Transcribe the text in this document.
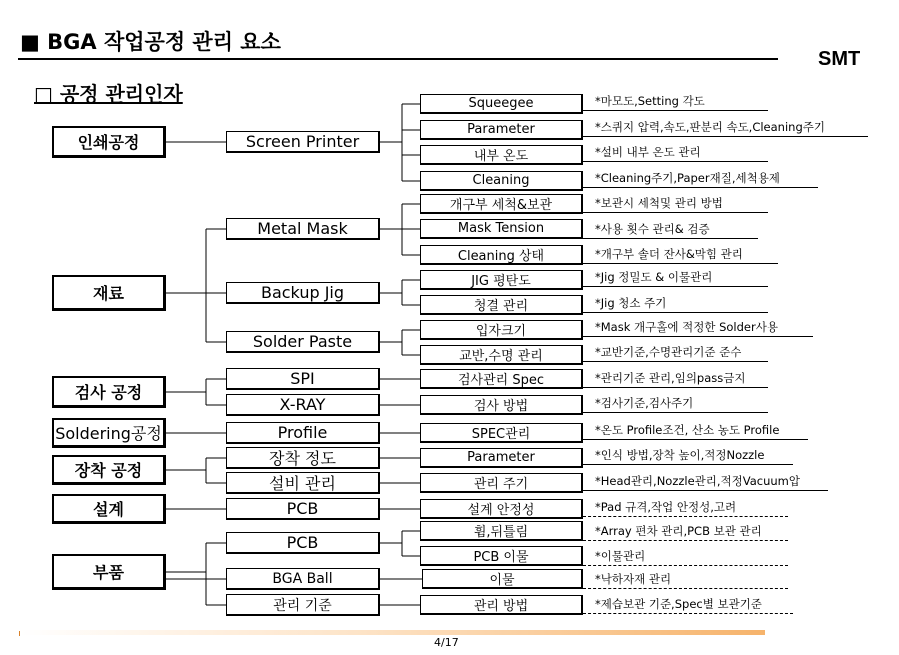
■ BGA 작업공정 관리 요소
SMT
□ 공정 관리인자
인쇄공정
재료
검사 공정
Soldering공정
장착 공정
설계
부품
Screen Printer
Metal Mask
Backup Jig
Solder Paste
SPI
X-RAY
Profile
장착 정도
설비 관리
PCB
PCB
BGA Ball
관리 기준
Squeegee
Parameter
내부 온도
Cleaning
개구부 세척&보관
Mask Tension
Cleaning 상태
JIG 평탄도
청결 관리
입자크기
교반,수명 관리
검사관리 Spec
검사 방법
SPEC관리
Parameter
관리 주기
설계 안정성
휨,뒤틀림
PCB 이물
이물
관리 방법
*마모도,Setting 각도
*스퀴지 압력,속도,판분리 속도,Cleaning주기
*설비 내부 온도 관리
*Cleaning주기,Paper재질,세척용제
*보관시 세척및 관리 방법
*사용 횟수 관리& 검증
*개구부 솔더 잔사&막힘 관리
*Jig 정밀도 & 이물관리
*Jig 청소 주기
*Mask 개구홀에 적정한 Solder사용
*교반기준,수명관리기준 준수
*관리기준 관리,임의pass금지
*검사기준,검사주기
*온도 Profile조건, 산소 농도 Profile
*인식 방법,장착 높이,적정Nozzle
*Head관리,Nozzle관리,적정Vacuum압
*Pad 규격,작업 안정성,고려
*Array 편차 관리,PCB 보관 관리
*이물관리
*낙하자재 관리
*제습보관 기준,Spec별 보관기준
4/17
